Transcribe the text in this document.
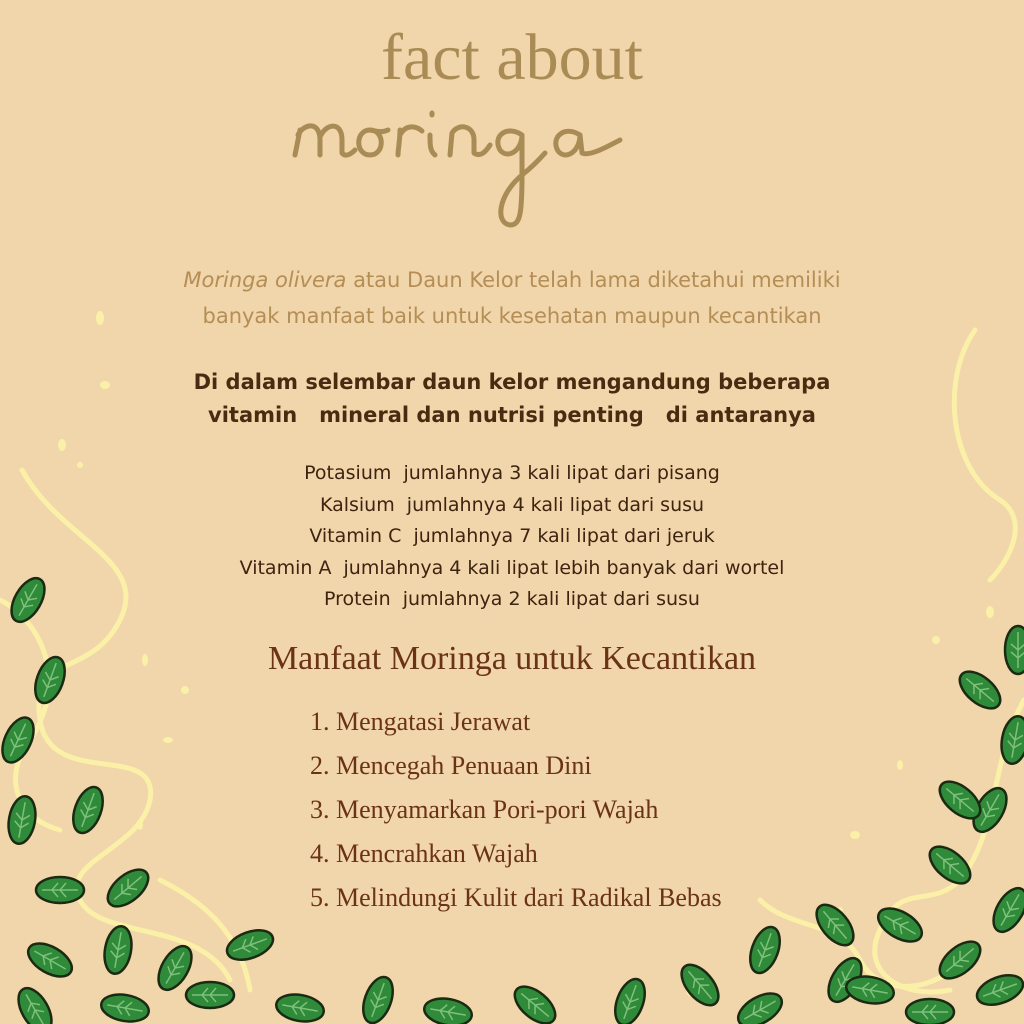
fact about
Moringa olivera atau Daun Kelor telah lama diketahui memiliki
banyak manfaat baik untuk kesehatan maupun kecantikan
Di dalam selembar daun kelor mengandung beberapa
vitamin   mineral dan nutrisi penting   di antaranya
Potasium  jumlahnya 3 kali lipat dari pisang
Kalsium  jumlahnya 4 kali lipat dari susu
Vitamin C  jumlahnya 7 kali lipat dari jeruk
Vitamin A  jumlahnya 4 kali lipat lebih banyak dari wortel
Protein  jumlahnya 2 kali lipat dari susu
Manfaat Moringa untuk Kecantikan
1. Mengatasi Jerawat
2. Mencegah Penuaan Dini
3. Menyamarkan Pori-pori Wajah
4. Mencrahkan Wajah
5. Melindungi Kulit dari Radikal Bebas
